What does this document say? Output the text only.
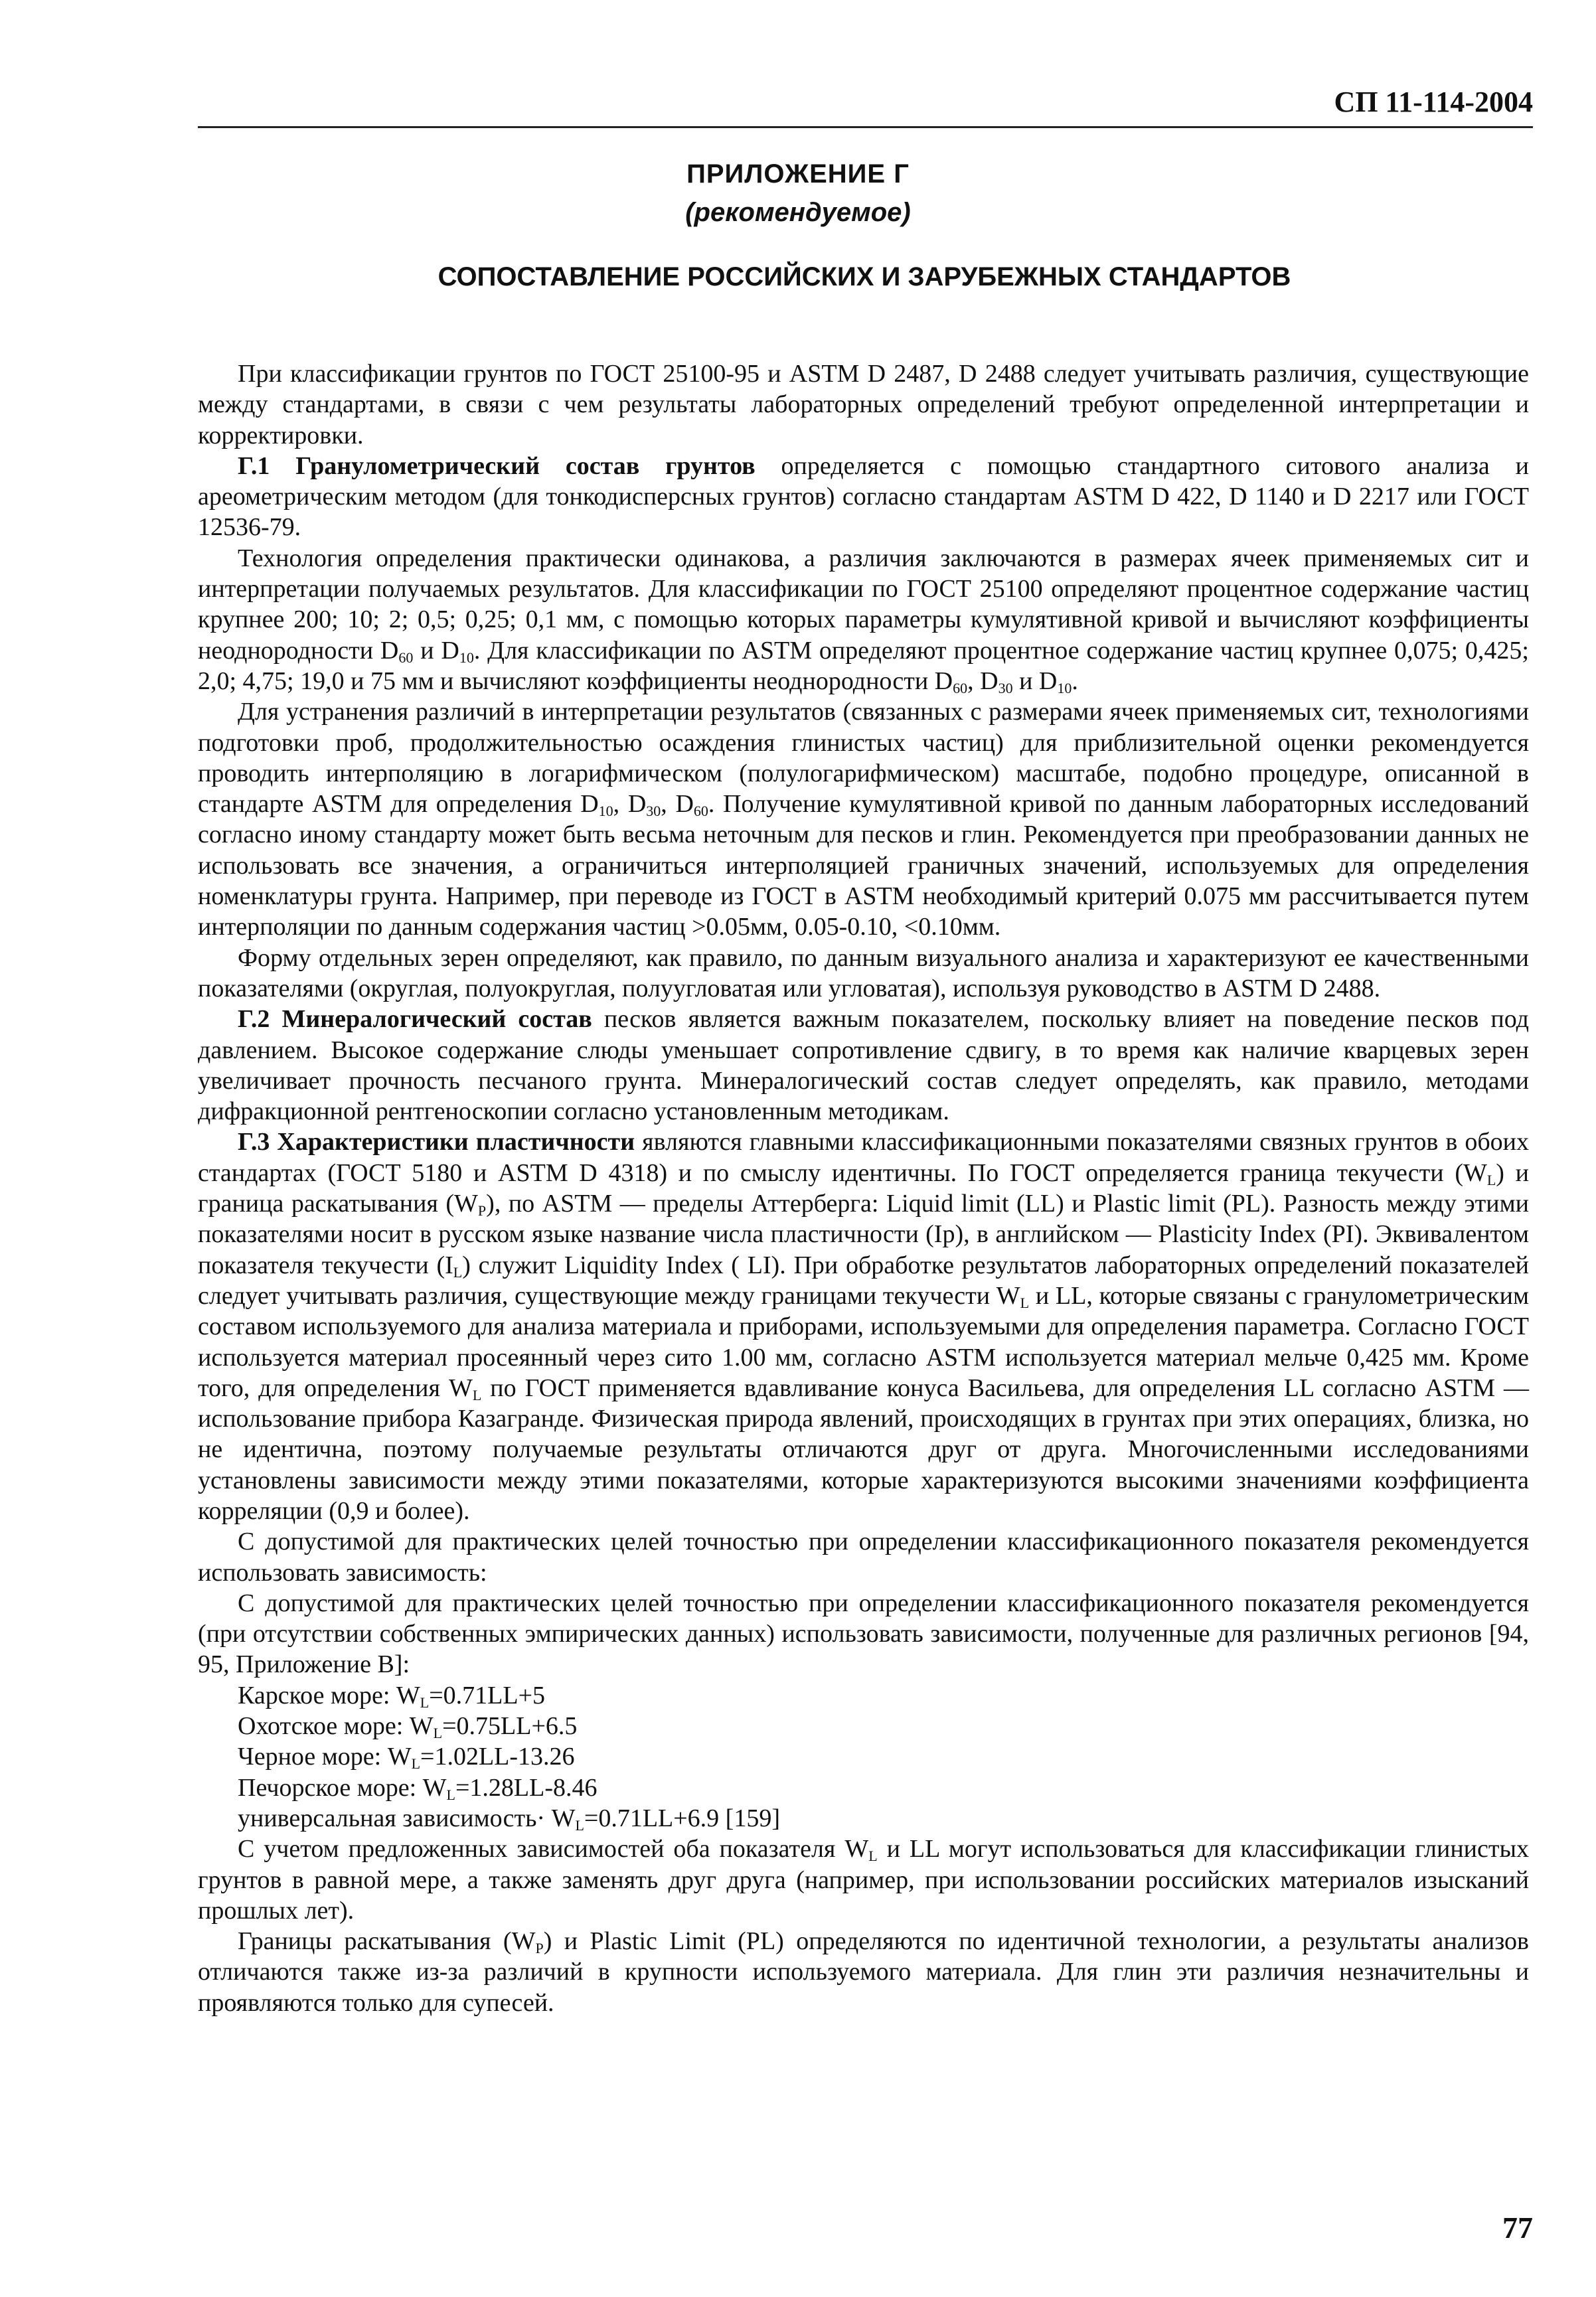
СП 11-114-2004
ПРИЛОЖЕНИЕ Г
(рекомендуемое)
СОПОСТАВЛЕНИЕ РОССИЙСКИХ И ЗАРУБЕЖНЫХ СТАНДАРТОВ

При классификации грунтов по ГОСТ 25100-95 и ASTM D 2487, D 2488 следует учитывать различия, существующие между стандартами, в связи с чем результаты лабораторных определений требуют определенной интерпретации и корректировки.

Г.1 Гранулометрический состав грунтов определяется с помощью стандартного ситового анализа и ареометрическим методом (для тонкодисперсных грунтов) согласно стандартам ASTM D 422, D 1140 и D 2217 или ГОСТ 12536-79.

Технология определения практически одинакова, а различия заключаются в размерах ячеек применяемых сит и интерпретации получаемых результатов. Для классификации по ГОСТ 25100 определяют процентное содержание частиц крупнее 200; 10; 2; 0,5; 0,25; 0,1 мм, с помощью которых параметры кумулятивной кривой и вычисляют коэффициенты неоднородности $D_{60}$ и $D_{10}$. Для классификации по ASTM определяют процентное содержание частиц крупнее 0,075; 0,425; 2,0; 4,75; 19,0 и 75 мм и вычисляют коэффициенты неоднородности $D_{60}$, $D_{30}$ и $D_{10}$.

Для устранения различий в интерпретации результатов (связанных с размерами ячеек применяемых сит, технологиями подготовки проб, продолжительностью осаждения глинистых частиц) для приблизительной оценки рекомендуется проводить интерполяцию в логарифмическом (полулогарифмическом) масштабе, подобно процедуре, описанной в стандарте ASTM для определения $D_{10}$, $D_{30}$, $D_{60}$. Получение кумулятивной кривой по данным лабораторных исследований согласно иному стандарту может быть весьма неточным для песков и глин. Рекомендуется при преобразовании данных не использовать все значения, а ограничиться интерполяцией граничных значений, используемых для определения номенклатуры грунта. Например, при переводе из ГОСТ в ASTM необходимый критерий 0.075 мм рассчитывается путем интерполяции по данным содержания частиц >0.05мм, 0.05-0.10, <0.10мм.

Форму отдельных зерен определяют, как правило, по данным визуального анализа и характеризуют ее качественными показателями (округлая, полуокруглая, полуугловатая или угловатая), используя руководство в ASTM D 2488.

Г.2 Минералогический состав песков является важным показателем, поскольку влияет на поведение песков под давлением. Высокое содержание слюды уменьшает сопротивление сдвигу, в то время как наличие кварцевых зерен увеличивает прочность песчаного грунта. Минералогический состав следует определять, как правило, методами дифракционной рентгеноскопии согласно установленным методикам.

Г.3 Характеристики пластичности являются главными классификационными показателями связных грунтов в обоих стандартах (ГОСТ 5180 и ASTM D 4318) и по смыслу идентичны. По ГОСТ определяется граница текучести $(W_L)$ и граница раскатывания $(W_P)$, по ASTM — пределы Аттерберга: Liquid limit (LL) и Plastic limit (PL). Разность между этими показателями носит в русском языке название числа пластичности (Ip), в английском — Plasticity Index (PI). Эквивалентом показателя текучести $(I_L)$ служит Liquidity Index ( LI). При обработке результатов лабораторных определений показателей следует учитывать различия, существующие между границами текучести $W_L$ и LL, которые связаны с гранулометрическим составом используемого для анализа материала и приборами, используемыми для определения параметра. Согласно ГОСТ используется материал просеянный через сито 1.00 мм, согласно ASTM используется материал мельче 0,425 мм. Кроме того, для определения $W_L$ по ГОСТ применяется вдавливание конуса Васильева, для определения LL согласно ASTM —использование прибора Казагранде. Физическая природа явлений, происходящих в грунтах при этих операциях, близка, но не идентична, поэтому получаемые результаты отличаются друг от друга. Многочисленными исследованиями установлены зависимости между этими показателями, которые характеризуются высокими значениями коэффициента корреляции (0,9 и более).

С допустимой для практических целей точностью при определении классификационного показателя рекомендуется использовать зависимость:

С допустимой для практических целей точностью при определении классификационного показателя рекомендуется (при отсутствии собственных эмпирических данных) использовать зависимости, полученные для различных регионов [94, 95, Приложение В]:

Карское море: $W_L=0.71LL+5$
Охотское море: $W_L=0.75LL+6.5$
Черное море: $W_L=1.02LL-13.26$
Печорское море: $W_L=1.28LL-8.46$
универсальная зависимость· $W_L=0.71LL+6.9$ [159]

С учетом предложенных зависимостей оба показателя $W_L$ и LL могут использоваться для классификации глинистых грунтов в равной мере, а также заменять друг друга (например, при использовании российских материалов изысканий прошлых лет).

Границы раскатывания $(W_P)$ и Plastic Limit (PL) определяются по идентичной технологии, а результаты анализов отличаются также из-за различий в крупности используемого материала. Для глин эти различия незначительны и проявляются только для супесей.

77
